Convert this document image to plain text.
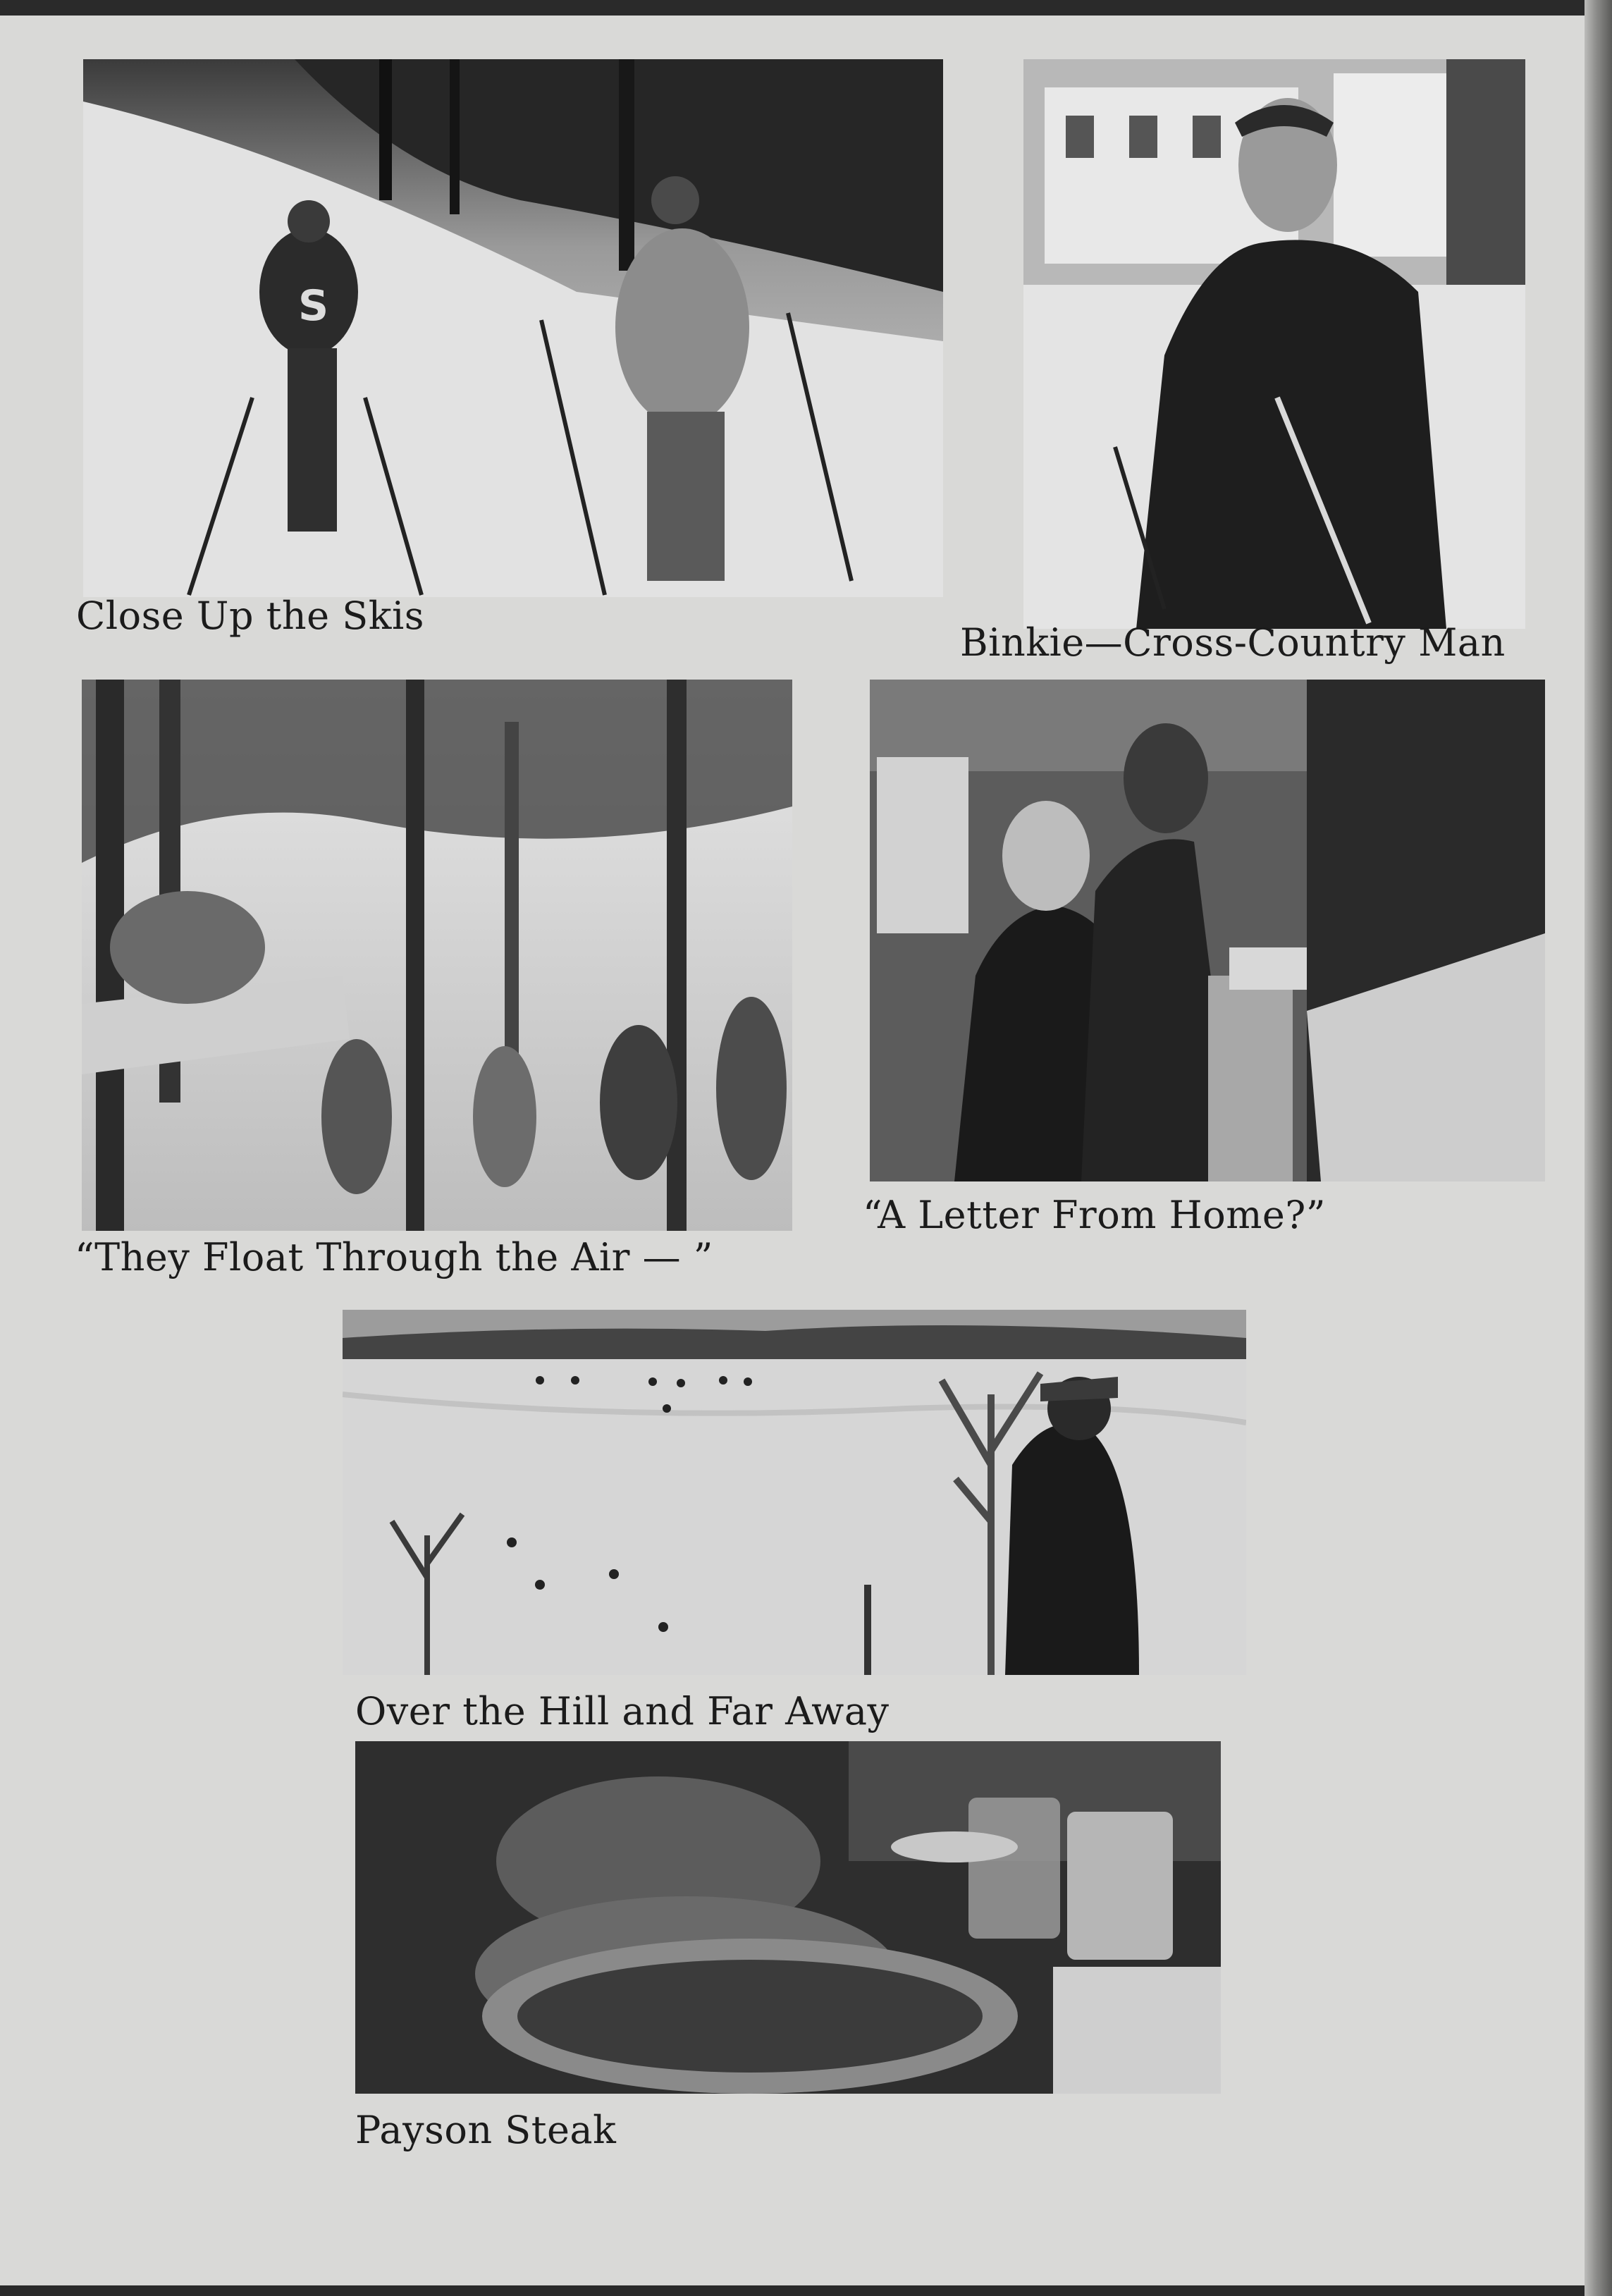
S

Close Up the Skis

Binkie—Cross-Country Man

“They Float Through the Air — ”

“A Letter From Home?”

Over the Hill and Far Away

Payson Steak
